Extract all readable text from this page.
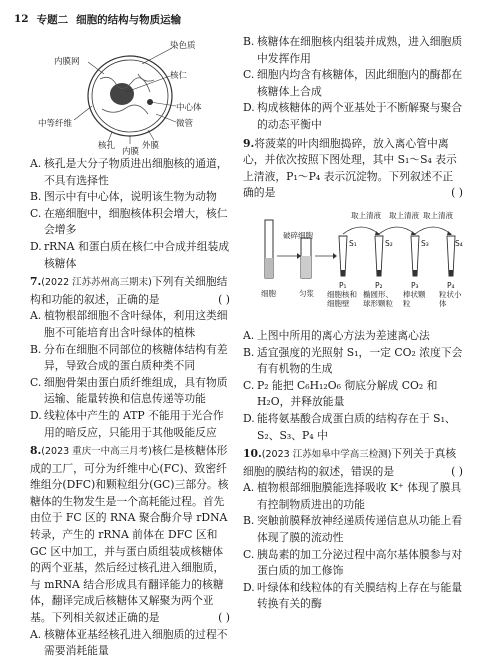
12 专题二 细胞的结构与物质运输
染色质
内膜网
核仁
中心体
微管
中等纤维
核孔	外膜
内膜
A. 核孔是大分子物质进出细胞核的通道，不具有选择性
B. 图示中有中心体，说明该生物为动物
C. 在癌细胞中，细胞核体积会增大，核仁会增多
D. rRNA 和蛋白质在核仁中合成并组装成核糖体
7.(2022 江苏苏州高三期末)下列有关细胞结构和功能的叙述，正确的是	( )
A. 植物根部细胞不含叶绿体，利用这类细胞不可能培育出含叶绿体的植株
B. 分布在细胞不同部位的核糖体结构有差异，导致合成的蛋白质种类不同
C. 细胞骨架由蛋白质纤维组成，具有物质运输、能量转换和信息传递等功能
D. 线粒体中产生的 ATP 不能用于光合作用的暗反应，只能用于其他吸能反应
8.(2023 重庆一中高三月考)核仁是核糖体形成的工厂，可分为纤维中心(FC)、致密纤维组分(DFC)和颗粒组分(GC)三部分。核糖体的生物发生是一个高耗能过程。首先由位于 FC 区的 RNA 聚合酶介导 rDNA 转录，产生的 rRNA 前体在 DFC 区和 GC 区中加工，并与蛋白质组装成核糖体的两个亚基，然后经过核孔进入细胞质，与 mRNA 结合形成具有翻译能力的核糖体，翻译完成后核糖体又解聚为两个亚基。下列相关叙述正确的是	( )
A. 核糖体亚基经核孔进入细胞质的过程不需要消耗能量
B. 核糖体在细胞核内组装并成熟，进入细胞质中发挥作用
C. 细胞内均含有核糖体，因此细胞内的酶都在核糖体上合成
D. 构成核糖体的两个亚基处于不断解聚与聚合的动态平衡中
9.将菠菜的叶肉细胞捣碎，放入离心管中离心，并依次按照下图处理，其中 S₁～S₄ 表示上清液，P₁～P₄ 表示沉淀物。下列叙述不正确的是	( )
取上清液 取上清液 取上清液
破碎细胞
S₁	S₂	S₃	S₄
P₁	P₂	P₃	P₄
细胞	匀浆 细胞核和细胞壁
椭圆形、球形颗粒
棒状颗粒
粒状小体
A. 上图中所用的离心方法为差速离心法
B. 适宜强度的光照射 S₁，一定 CO₂ 浓度下会有有机物的生成
C. P₂ 能把 C₆H₁₂O₆ 彻底分解成 CO₂ 和 H₂O，并释放能量
D. 能将氨基酸合成蛋白质的结构存在于 S₁、S₂、S₃、P₄ 中
10.(2023 江苏如皋中学高三检测)下列关于真核细胞的膜结构的叙述，错误的是	( )
A. 植物根部细胞膜能选择吸收 K⁺ 体现了膜具有控制物质进出的功能
B. 突触前膜释放神经递质传递信息从功能上看体现了膜的流动性
C. 胰岛素的加工分泌过程中高尔基体膜参与对蛋白质的加工修饰
D. 叶绿体和线粒体的有关膜结构上存在与能量转换有关的酶
